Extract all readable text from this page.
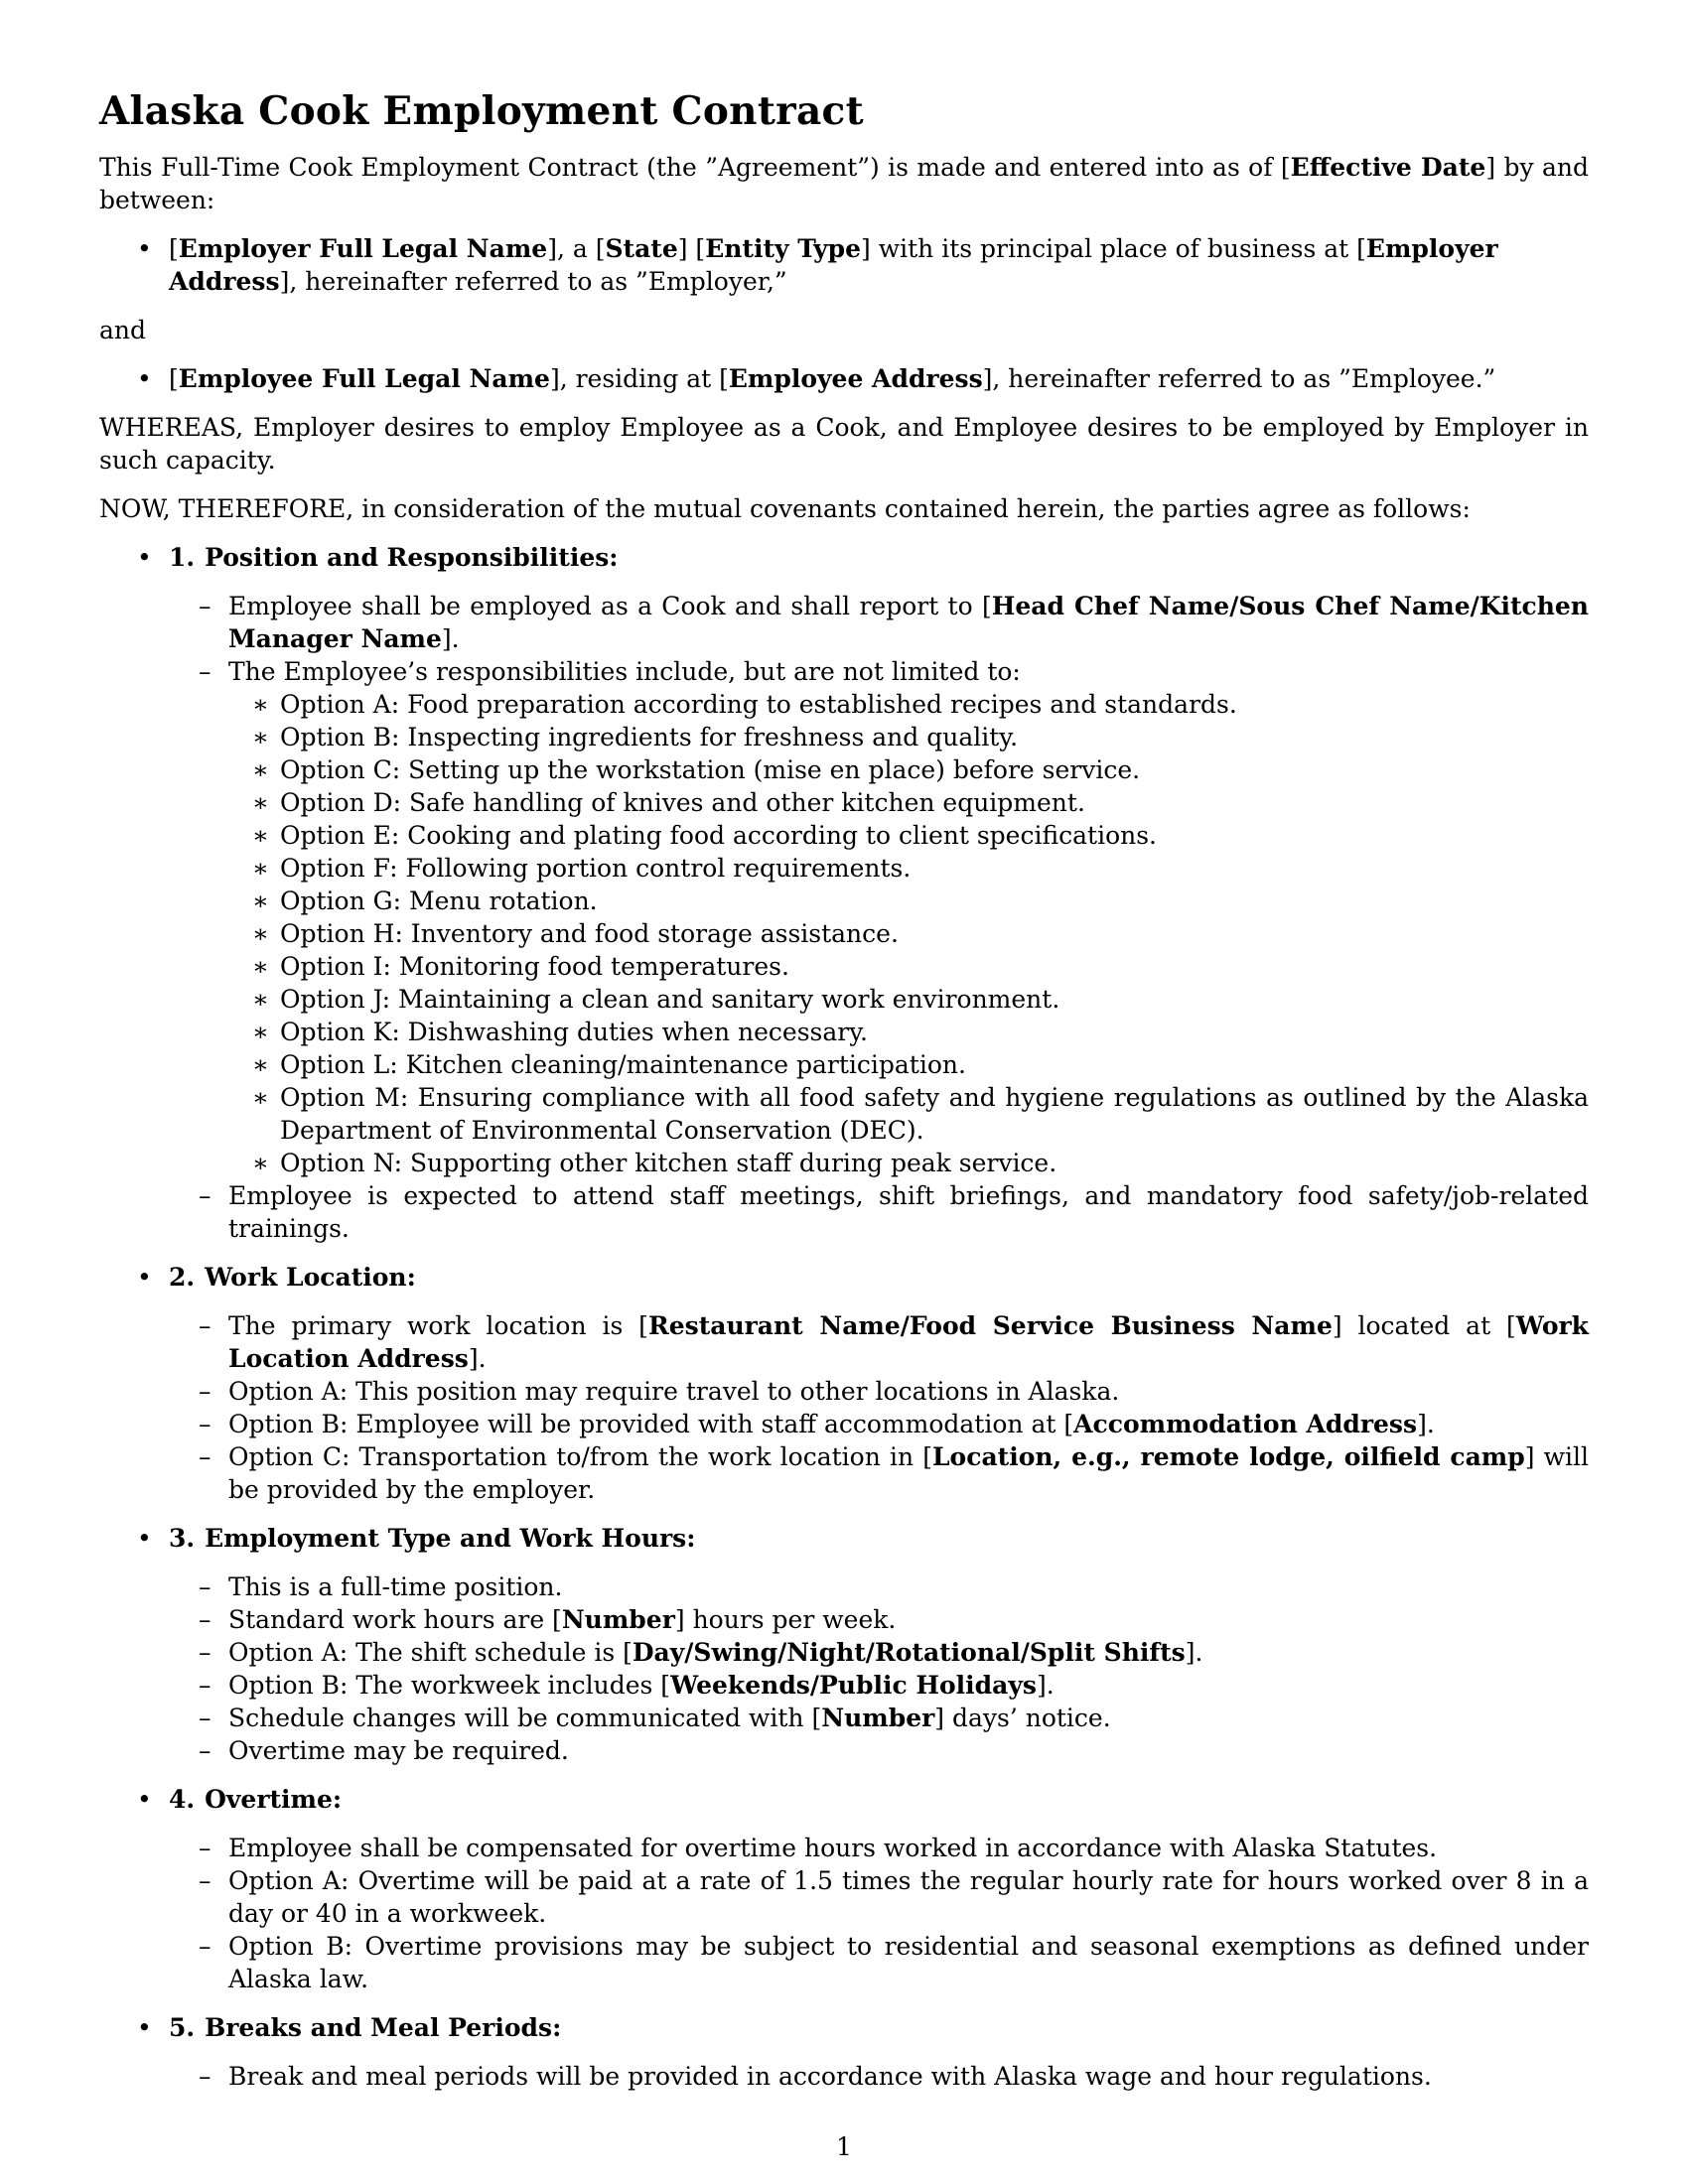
Alaska Cook Employment Contract

This Full-Time Cook Employment Contract (the ”Agreement”) is made and entered into as of [Effective Date] by and between:

• [Employer Full Legal Name], a [State] [Entity Type] with its principal place of business at [Employer Address], hereinafter referred to as ”Employer,”
and
• [Employee Full Legal Name], residing at [Employee Address], hereinafter referred to as ”Employee.”

WHEREAS, Employer desires to employ Employee as a Cook, and Employee desires to be employed by Employer in such capacity.

NOW, THEREFORE, in consideration of the mutual covenants contained herein, the parties agree as follows:

• 1. Position and Responsibilities:
– Employee shall be employed as a Cook and shall report to [Head Chef Name/Sous Chef Name/Kitchen Manager Name].
– The Employee’s responsibilities include, but are not limited to:
∗ Option A: Food preparation according to established recipes and standards.
∗ Option B: Inspecting ingredients for freshness and quality.
∗ Option C: Setting up the workstation (mise en place) before service.
∗ Option D: Safe handling of knives and other kitchen equipment.
∗ Option E: Cooking and plating food according to client specifications.
∗ Option F: Following portion control requirements.
∗ Option G: Menu rotation.
∗ Option H: Inventory and food storage assistance.
∗ Option I: Monitoring food temperatures.
∗ Option J: Maintaining a clean and sanitary work environment.
∗ Option K: Dishwashing duties when necessary.
∗ Option L: Kitchen cleaning/maintenance participation.
∗ Option M: Ensuring compliance with all food safety and hygiene regulations as outlined by the Alaska Department of Environmental Conservation (DEC).
∗ Option N: Supporting other kitchen staff during peak service.
– Employee is expected to attend staff meetings, shift briefings, and mandatory food safety/job-related trainings.
• 2. Work Location:
– The primary work location is [Restaurant Name/Food Service Business Name] located at [Work Location Address].
– Option A: This position may require travel to other locations in Alaska.
– Option B: Employee will be provided with staff accommodation at [Accommodation Address].
– Option C: Transportation to/from the work location in [Location, e.g., remote lodge, oilfield camp] will be provided by the employer.
• 3. Employment Type and Work Hours:
– This is a full-time position.
– Standard work hours are [Number] hours per week.
– Option A: The shift schedule is [Day/Swing/Night/Rotational/Split Shifts].
– Option B: The workweek includes [Weekends/Public Holidays].
– Schedule changes will be communicated with [Number] days’ notice.
– Overtime may be required.
• 4. Overtime:
– Employee shall be compensated for overtime hours worked in accordance with Alaska Statutes.
– Option A: Overtime will be paid at a rate of 1.5 times the regular hourly rate for hours worked over 8 in a day or 40 in a workweek.
– Option B: Overtime provisions may be subject to residential and seasonal exemptions as defined under Alaska law.
• 5. Breaks and Meal Periods:
– Break and meal periods will be provided in accordance with Alaska wage and hour regulations.
1
